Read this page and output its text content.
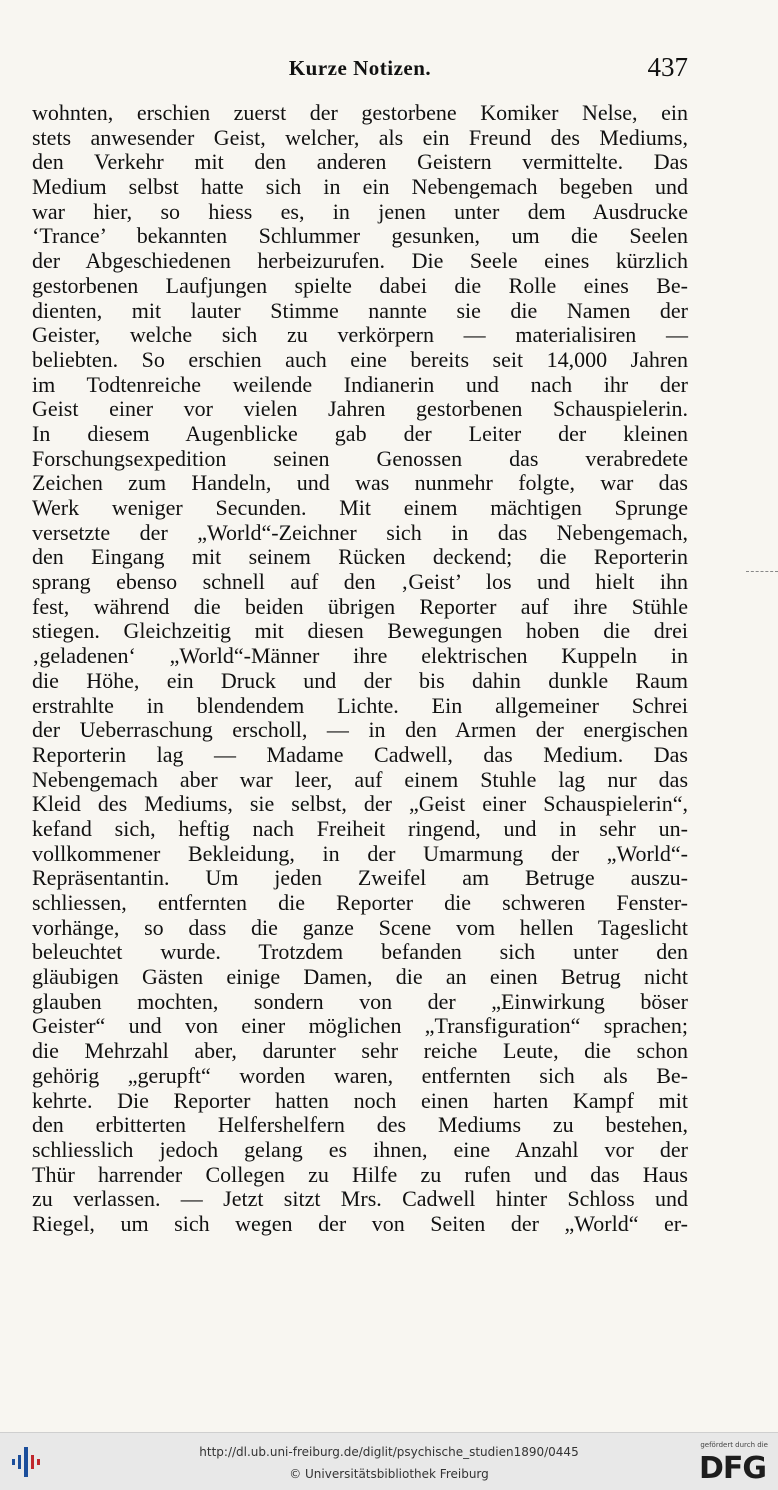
Kurze Notizen.	437
wohnten, erschien zuerst der gestorbene Komiker Nelse, ein
stets anwesender Geist, welcher, als ein Freund des Mediums,
den Verkehr mit den anderen Geistern vermittelte. Das
Medium selbst hatte sich in ein Nebengemach begeben und
war hier, so hiess es, in jenen unter dem Ausdrucke
‘Trance’ bekannten Schlummer gesunken, um die Seelen
der Abgeschiedenen herbeizurufen. Die Seele eines kürzlich
gestorbenen Laufjungen spielte dabei die Rolle eines Be-
dienten, mit lauter Stimme nannte sie die Namen der
Geister, welche sich zu verkörpern — materialisiren —
beliebten. So erschien auch eine bereits seit 14,000 Jahren
im Todtenreiche weilende Indianerin und nach ihr der
Geist einer vor vielen Jahren gestorbenen Schauspielerin.
In diesem Augenblicke gab der Leiter der kleinen
Forschungsexpedition seinen Genossen das verabredete
Zeichen zum Handeln, und was nunmehr folgte, war das
Werk weniger Secunden. Mit einem mächtigen Sprunge
versetzte der „World“-Zeichner sich in das Nebengemach,
den Eingang mit seinem Rücken deckend; die Reporterin
sprang ebenso schnell auf den ‚Geist’ los und hielt ihn
fest, während die beiden übrigen Reporter auf ihre Stühle
stiegen. Gleichzeitig mit diesen Bewegungen hoben die drei
‚geladenen‘ „World“-Männer ihre elektrischen Kuppeln in
die Höhe, ein Druck und der bis dahin dunkle Raum
erstrahlte in blendendem Lichte. Ein allgemeiner Schrei
der Ueberraschung erscholl, — in den Armen der energischen
Reporterin lag — Madame Cadwell, das Medium. Das
Nebengemach aber war leer, auf einem Stuhle lag nur das
Kleid des Mediums, sie selbst, der „Geist einer Schauspielerin“,
kefand sich, heftig nach Freiheit ringend, und in sehr un-
vollkommener Bekleidung, in der Umarmung der „World“-
Repräsentantin. Um jeden Zweifel am Betruge auszu-
schliessen, entfernten die Reporter die schweren Fenster-
vorhänge, so dass die ganze Scene vom hellen Tageslicht
beleuchtet wurde. Trotzdem befanden sich unter den
gläubigen Gästen einige Damen, die an einen Betrug nicht
glauben mochten, sondern von der „Einwirkung böser
Geister“ und von einer möglichen „Transfiguration“ sprachen;
die Mehrzahl aber, darunter sehr reiche Leute, die schon
gehörig „gerupft“ worden waren, entfernten sich als Be-
kehrte. Die Reporter hatten noch einen harten Kampf mit
den erbitterten Helfershelfern des Mediums zu bestehen,
schliesslich jedoch gelang es ihnen, eine Anzahl vor der
Thür harrender Collegen zu Hilfe zu rufen und das Haus
zu verlassen. — Jetzt sitzt Mrs. Cadwell hinter Schloss und
Riegel, um sich wegen der von Seiten der „World“ er-
http://dl.ub.uni-freiburg.de/diglit/psychische_studien1890/0445
© Universitätsbibliothek Freiburg
gefördert durch die
DFG
